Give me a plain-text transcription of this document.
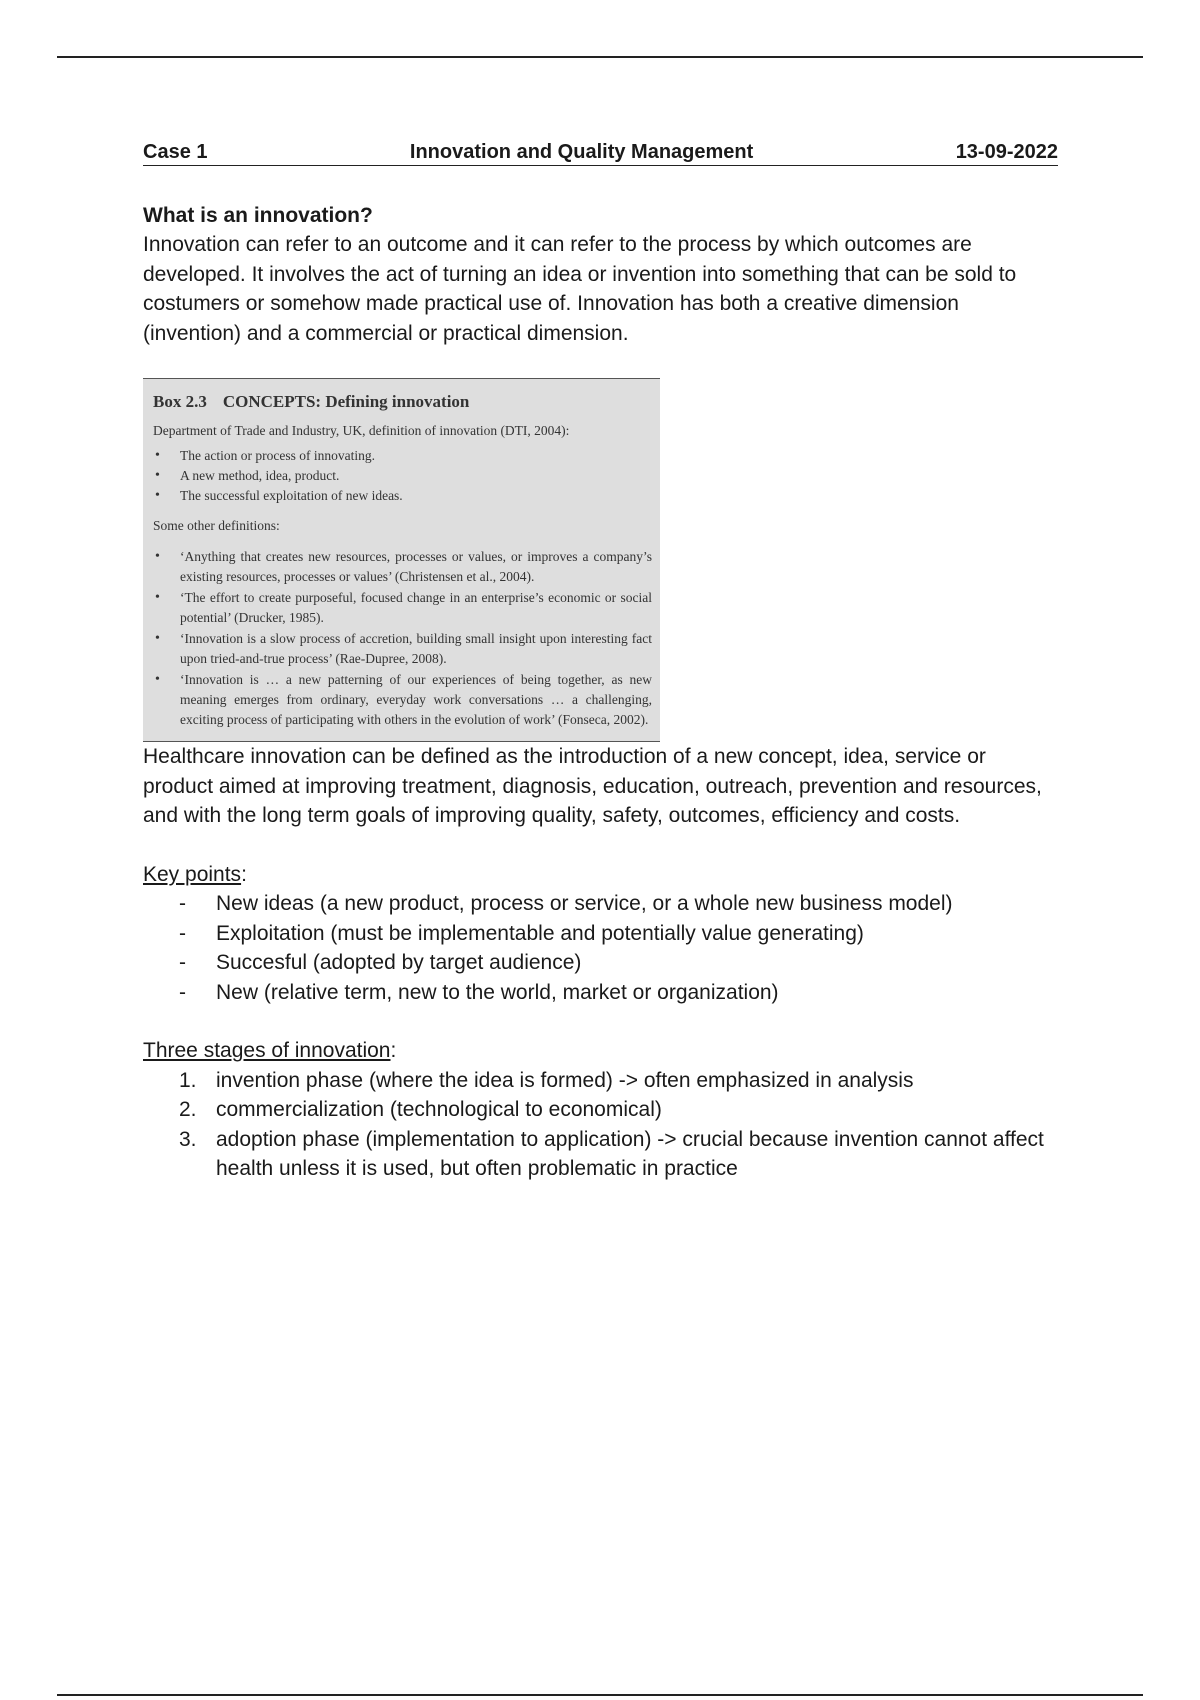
Case 1	Innovation and Quality Management	13-09-2022
What is an innovation?

Innovation can refer to an outcome and it can refer to the process by which outcomes are developed. It involves the act of turning an idea or invention into something that can be sold to costumers or somehow made practical use of. Innovation has both a creative dimension (invention) and a commercial or practical dimension.

Box 2.3 CONCEPTS: Defining innovation
Department of Trade and Industry, UK, definition of innovation (DTI, 2004):
• The action or process of innovating.
• A new method, idea, product.
• The successful exploitation of new ideas.
Some other definitions:
• ‘Anything that creates new resources, processes or values, or improves a company’s existing resources, processes or values’ (Christensen et al., 2004).
• ‘The effort to create purposeful, focused change in an enterprise’s economic or social potential’ (Drucker, 1985).
• ‘Innovation is a slow process of accretion, building small insight upon interesting fact upon tried-and-true process’ (Rae-Dupree, 2008).
• ‘Innovation is … a new patterning of our experiences of being together, as new meaning emerges from ordinary, everyday work conversations … a challenging, exciting process of participating with others in the evolution of work’ (Fonseca, 2002).

Healthcare innovation can be defined as the introduction of a new concept, idea, service or product aimed at improving treatment, diagnosis, education, outreach, prevention and resources, and with the long term goals of improving quality, safety, outcomes, efficiency and costs.

Key points:
- New ideas (a new product, process or service, or a whole new business model)
- Exploitation (must be implementable and potentially value generating)
- Succesful (adopted by target audience)
- New (relative term, new to the world, market or organization)
Three stages of innovation:
1. invention phase (where the idea is formed) -> often emphasized in analysis
2. commercialization (technological to economical)
3. adoption phase (implementation to application) -> crucial because invention cannot affect health unless it is used, but often problematic in practice
